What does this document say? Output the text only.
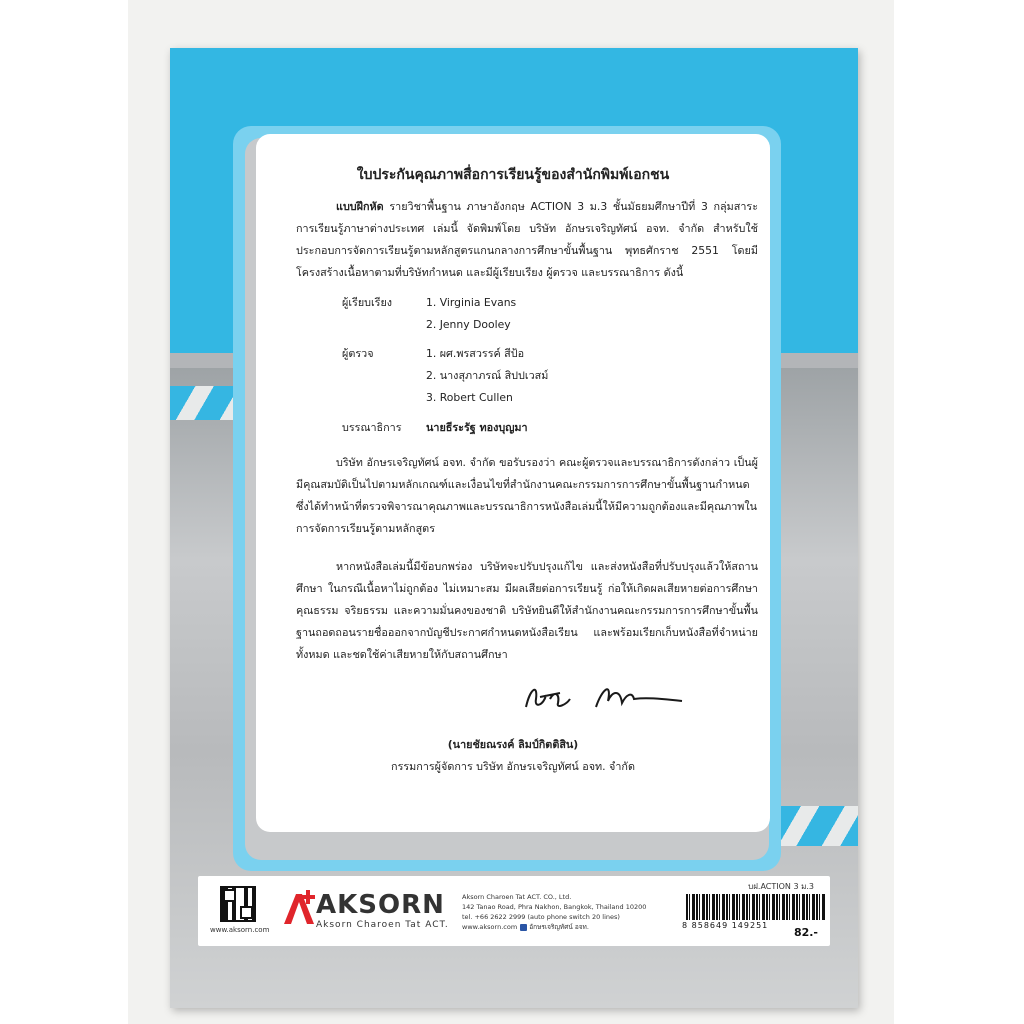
ใบประกันคุณภาพสื่อการเรียนรู้ของสำนักพิมพ์เอกชน
แบบฝึกหัด รายวิชาพื้นฐาน ภาษาอังกฤษ ACTION 3 ม.3 ชั้นมัธยมศึกษาปีที่ 3 กลุ่มสาระการเรียนรู้ภาษาต่างประเทศ เล่มนี้ จัดพิมพ์โดย บริษัท อักษรเจริญทัศน์ อจท. จำกัด สำหรับใช้ประกอบการจัดการเรียนรู้ตามหลักสูตรแกนกลางการศึกษาขั้นพื้นฐาน พุทธศักราช 2551 โดยมีโครงสร้างเนื้อหาตามที่บริษัทกำหนด และมีผู้เรียบเรียง ผู้ตรวจ และบรรณาธิการ ดังนี้
ผู้เรียบเรียง	1. Virginia Evans
2. Jenny Dooley
ผู้ตรวจ	1. ผศ.พรสวรรค์ สีป้อ
2. นางสุภาภรณ์ สิปปเวสม์
3. Robert Cullen
บรรณาธิการ นายธีระรัฐ ทองบุญมา
บริษัท อักษรเจริญทัศน์ อจท. จำกัด ขอรับรองว่า คณะผู้ตรวจและบรรณาธิการดังกล่าว เป็นผู้มีคุณสมบัติเป็นไปตามหลักเกณฑ์และเงื่อนไขที่สำนักงานคณะกรรมการการศึกษาขั้นพื้นฐานกำหนด ซึ่งได้ทำหน้าที่ตรวจพิจารณาคุณภาพและบรรณาธิการหนังสือเล่มนี้ให้มีความถูกต้องและมีคุณภาพในการจัดการเรียนรู้ตามหลักสูตร
หากหนังสือเล่มนี้มีข้อบกพร่อง บริษัทจะปรับปรุงแก้ไข และส่งหนังสือที่ปรับปรุงแล้วให้สถานศึกษา ในกรณีเนื้อหาไม่ถูกต้อง ไม่เหมาะสม มีผลเสียต่อการเรียนรู้ ก่อให้เกิดผลเสียหายต่อการศึกษา คุณธรรม จริยธรรม และความมั่นคงของชาติ บริษัทยินดีให้สำนักงานคณะกรรมการการศึกษาขั้นพื้นฐานถอดถอนรายชื่อออกจากบัญชีประกาศกำหนดหนังสือเรียน และพร้อมเรียกเก็บหนังสือที่จำหน่ายทั้งหมด และชดใช้ค่าเสียหายให้กับสถานศึกษา
(นายชัยณรงค์ ลิมป์กิตติสิน)
กรรมการผู้จัดการ บริษัท อักษรเจริญทัศน์ อจท. จำกัด
www.aksorn.com
AKSORN
Aksorn Charoen Tat ACT.
Aksorn Charoen Tat ACT. CO., Ltd.
142 Tanao Road, Phra Nakhon, Bangkok, Thailand 10200
tel. +66 2622 2999 (auto phone switch 20 lines)
www.aksorn.com อักษรเจริญทัศน์ อจท.
บฝ.ACTION 3 ม.3
8 858649 149251
82.-
